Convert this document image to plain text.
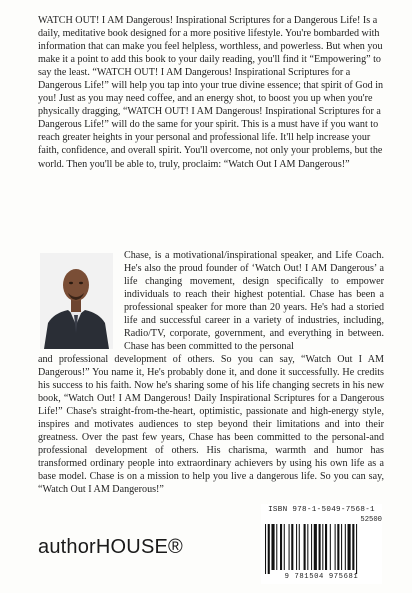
WATCH OUT! I AM Dangerous! Inspirational Scriptures for a Dangerous Life! Is a daily, meditative book designed for a more positive lifestyle. You're bombarded with information that can make you feel helpless, worthless, and powerless. But when you make it a point to add this book to your daily reading, you'll find it “Empowering” to say the least. “WATCH OUT! I AM Dangerous! Inspirational Scriptures for a Dangerous Life!” will help you tap into your true divine essence; that spirit of God in you! Just as you may need coffee, and an energy shot, to boost you up when you're physically dragging, “WATCH OUT! I AM Dangerous! Inspirational Scriptures for a Dangerous Life!” will do the same for your spirit. This is a must have if you want to reach greater heights in your personal and professional life. It'll help increase your faith, confidence, and overall spirit. You'll overcome, not only your problems, but the world. Then you'll be able to, truly, proclaim: “Watch Out I AM Dangerous!”
Chase, is a motivational/inspirational speaker, and Life Coach. He's also the proud founder of ‘Watch Out! I AM Dangerous’ a life changing movement, design specifically to empower individuals to reach their highest potential. Chase has been a professional speaker for more than 20 years. He's had a storied life and successful career in a variety of industries, including, Radio/TV, corporate, government, and everything in between. Chase has been committed to the personal
and professional development of others. So you can say, “Watch Out I AM Dangerous!” You name it, He's probably done it, and done it successfully. He credits his success to his faith. Now he's sharing some of his life changing secrets in his new book, “Watch Out! I AM Dangerous! Daily Inspirational Scriptures for a Dangerous Life!” Chase's straight-from-the-heart, optimistic, passionate and high-energy style, inspires and motivates audiences to step beyond their limitations and into their greatness. Over the past few years, Chase has been committed to the personal-and professional development of others. His charisma, warmth and humor has transformed ordinary people into extraordinary achievers by using his own life as a base model. Chase is on a mission to help you live a dangerous life. So you can say, “Watch Out I AM Dangerous!”
authorHOUSE®
ISBN 978-1-5049-7568-1
52500
9 781504 975681
